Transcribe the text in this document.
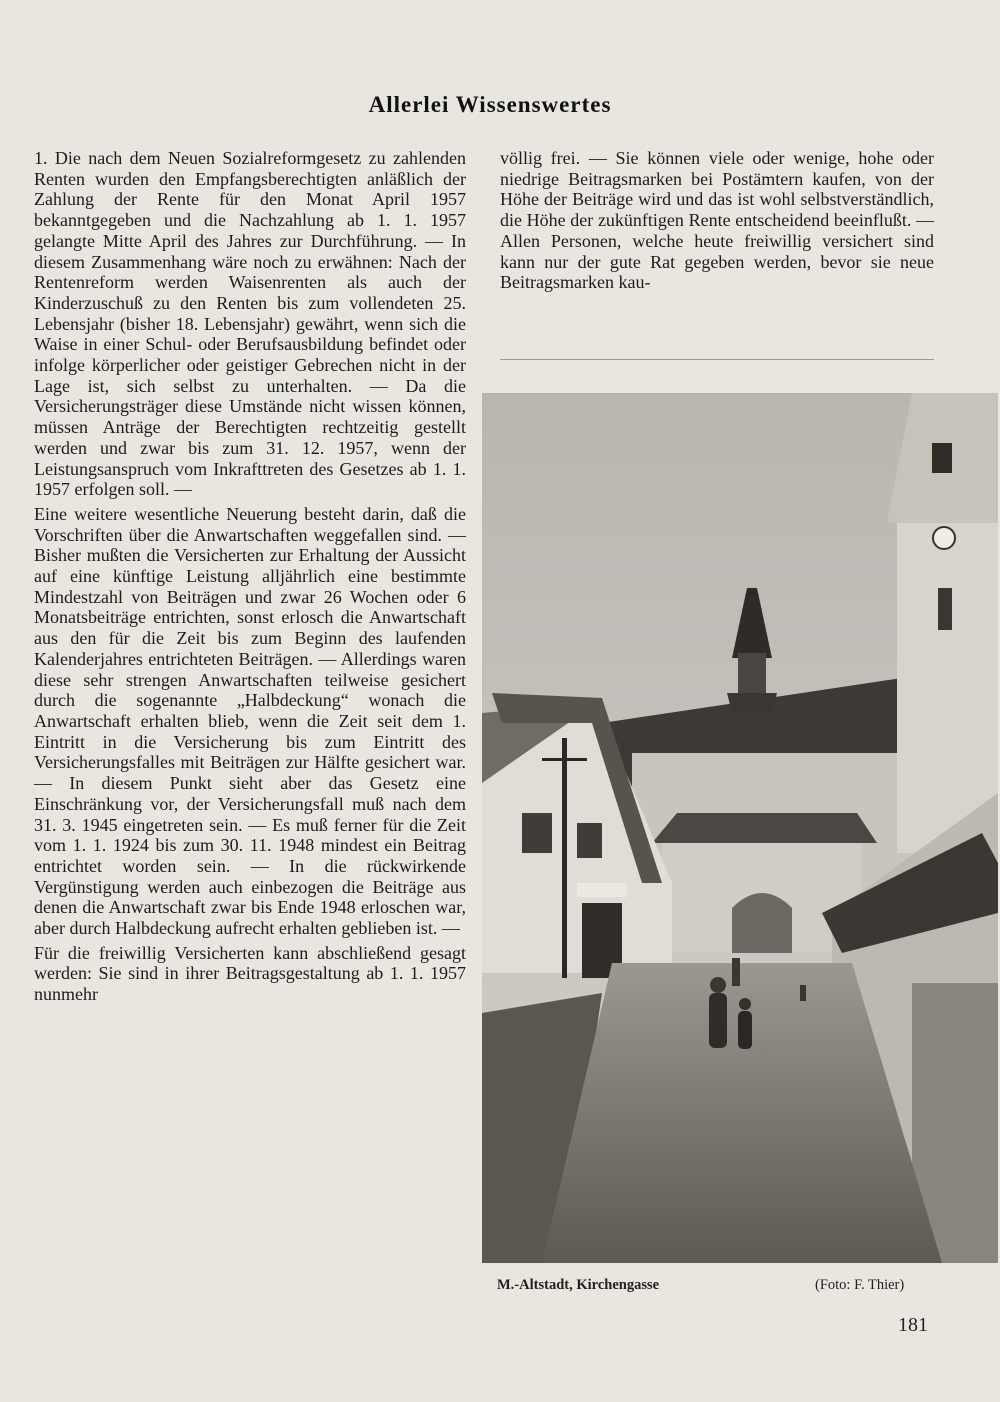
Allerlei Wissenswertes

1. Die nach dem Neuen Sozialreformgesetz zu zahlenden Renten wurden den Empfangsberechtigten anläßlich der Zahlung der Rente für den Monat April 1957 bekanntgegeben und die Nachzahlung ab 1. 1. 1957 gelangte Mitte April des Jahres zur Durchführung. — In diesem Zusammenhang wäre noch zu erwähnen: Nach der Rentenreform werden Waisenrenten als auch der Kinderzuschuß zu den Renten bis zum vollendeten 25. Lebensjahr (bisher 18. Lebensjahr) gewährt, wenn sich die Waise in einer Schul- oder Berufsausbildung befindet oder infolge körperlicher oder geistiger Gebrechen nicht in der Lage ist, sich selbst zu unterhalten. — Da die Versicherungsträger diese Umstände nicht wissen können, müssen Anträge der Berechtigten rechtzeitig gestellt werden und zwar bis zum 31. 12. 1957, wenn der Leistungsanspruch vom Inkrafttreten des Gesetzes ab 1. 1. 1957 erfolgen soll. —

Eine weitere wesentliche Neuerung besteht darin, daß die Vorschriften über die Anwartschaften weggefallen sind. — Bisher mußten die Versicherten zur Erhaltung der Aussicht auf eine künftige Leistung alljährlich eine bestimmte Mindestzahl von Beiträgen und zwar 26 Wochen oder 6 Monatsbeiträge entrichten, sonst erlosch die Anwartschaft aus den für die Zeit bis zum Beginn des laufenden Kalenderjahres entrichteten Beiträgen. — Allerdings waren diese sehr strengen Anwartschaften teilweise gesichert durch die sogenannte „Halbdeckung“ wonach die Anwartschaft erhalten blieb, wenn die Zeit seit dem 1. Eintritt in die Versicherung bis zum Eintritt des Versicherungsfalles mit Beiträgen zur Hälfte gesichert war. — In diesem Punkt sieht aber das Gesetz eine Einschränkung vor, der Versicherungsfall muß nach dem 31. 3. 1945 eingetreten sein. — Es muß ferner für die Zeit vom 1. 1. 1924 bis zum 30. 11. 1948 mindest ein Beitrag entrichtet worden sein. — In die rückwirkende Vergünstigung werden auch einbezogen die Beiträge aus denen die Anwartschaft zwar bis Ende 1948 erloschen war, aber durch Halbdeckung aufrecht erhalten geblieben ist. —

Für die freiwillig Versicherten kann abschließend gesagt werden: Sie sind in ihrer Beitragsgestaltung ab 1. 1. 1957 nunmehr

völlig frei. — Sie können viele oder wenige, hohe oder niedrige Beitragsmarken bei Postämtern kaufen, von der Höhe der Beiträge wird und das ist wohl selbstverständlich, die Höhe der zukünftigen Rente entscheidend beeinflußt. — Allen Personen, welche heute freiwillig versichert sind kann nur der gute Rat gegeben werden, bevor sie neue Beitragsmarken kau-

M.-Altstadt, Kirchengasse	(Foto: F. Thier)
181
